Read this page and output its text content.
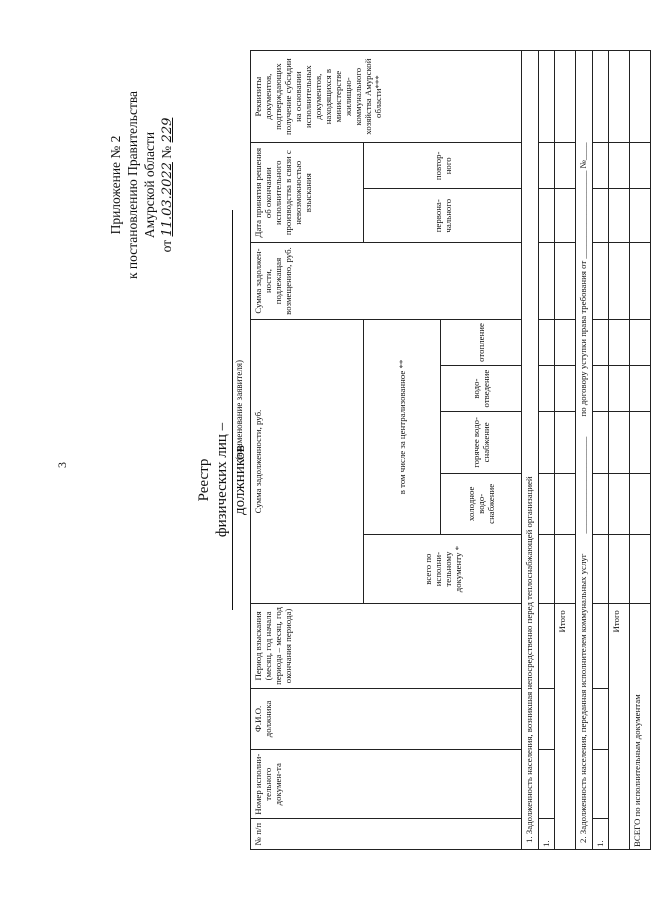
3
Приложение № 2 к постановлению Правительства Амурской области
от 11.03.2022 № 229
Реестр физических лиц – должников
(наименование заявителя)
№ п/п	Номер исполни-тельного докумен-та	Ф.И.О. должника	Период взыскания (месяц, год начала периода – месяц, год окончания периода)	Сумма задолженности, руб.					Сумма задолжен-ности, подлежащая возмещению, руб.	Дата принятия решения об окончании исполнительного производства в связи с невозможностью взыскания		Реквизиты документов, подтверждающих получение субсидии на основании исполнительных документов, находящихся в министерстве жилищно-коммунального хозяйства Амурской области***
				всего по исполни-тельному документу *	в том числе за централизованное **					первона-чального	повтор-ного	
					холодное водо-снабжение	горячее водо-снабжение	водо-отведение	отопление				
1. Задолженность населения, возникшая непосредственно перед теплоснабжающей организацией												
1.												
Итого												
2. Задолженность населения, переданная исполнителем коммунальных услуг ______________________ по договору уступки права требования от ____________________ №____												
1.												
Итого												
ВСЕГО по исполнительным документам												
